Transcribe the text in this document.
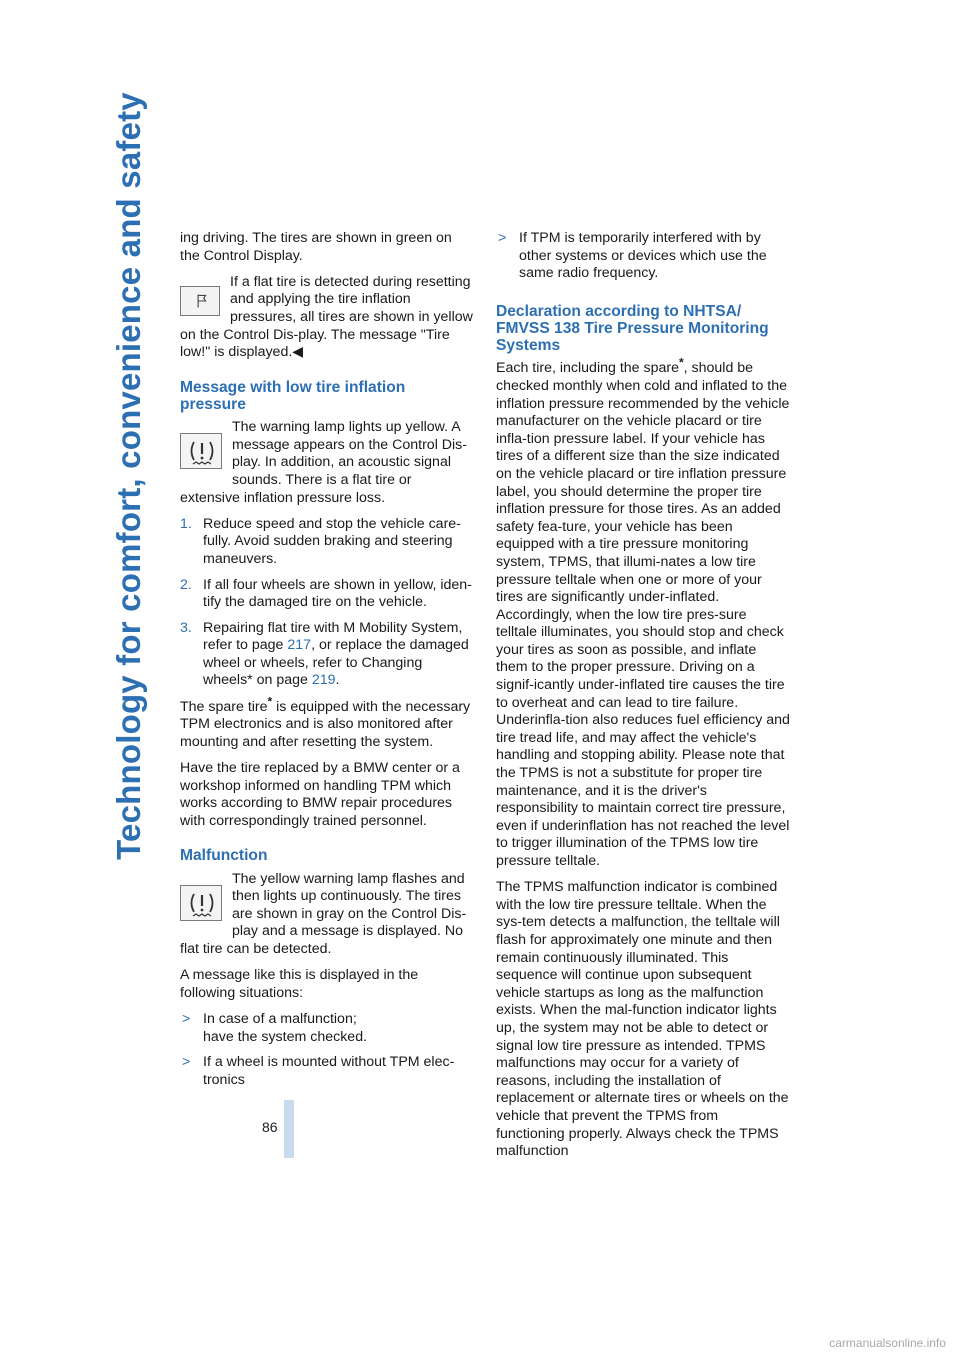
Technology for comfort, convenience and safety ing driving. The tires are shown in green on the Control Display.
If a flat tire is detected during resetting and applying the tire inflation pressures, all tires are shown in yellow on the Control Dis-play. The message "Tire low!" is displayed.◀
Message with low tire inflation pressure
The warning lamp lights up yellow. A message appears on the Control Dis-play. In addition, an acoustic signal sounds. There is a flat tire or extensive inflation pressure loss.
1. Reduce speed and stop the vehicle care-fully. Avoid sudden braking and steering maneuvers.
2. If all four wheels are shown in yellow, iden-tify the damaged tire on the vehicle.
3. Repairing flat tire with M Mobility System, refer to page 217, or replace the damaged wheel or wheels, refer to Changing wheels* on page 219.
The spare tire* is equipped with the necessary TPM electronics and is also monitored after mounting and after resetting the system.
Have the tire replaced by a BMW center or a workshop informed on handling TPM which works according to BMW repair procedures with correspondingly trained personnel.
Malfunction
The yellow warning lamp flashes and then lights up continuously. The tires are shown in gray on the Control Dis-play and a message is displayed. No flat tire can be detected.
A message like this is displayed in the following situations:
> In case of a malfunction;
have the system checked.
> If a wheel is mounted without TPM elec-tronics
> If TPM is temporarily interfered with by other systems or devices which use the same radio frequency.
Declaration according to NHTSA/ FMVSS 138 Tire Pressure Monitoring Systems
Each tire, including the spare*, should be checked monthly when cold and inflated to the inflation pressure recommended by the vehicle manufacturer on the vehicle placard or tire infla-tion pressure label. If your vehicle has tires of a different size than the size indicated on the vehicle placard or tire inflation pressure label, you should determine the proper tire inflation pressure for those tires. As an added safety fea-ture, your vehicle has been equipped with a tire pressure monitoring system, TPMS, that illumi-nates a low tire pressure telltale when one or more of your tires are significantly under-inflated. Accordingly, when the low tire pres-sure telltale illuminates, you should stop and check your tires as soon as possible, and inflate them to the proper pressure. Driving on a signif-icantly under-inflated tire causes the tire to overheat and can lead to tire failure. Underinfla-tion also reduces fuel efficiency and tire tread life, and may affect the vehicle's handling and stopping ability. Please note that the TPMS is not a substitute for proper tire maintenance, and it is the driver's responsibility to maintain correct tire pressure, even if underinflation has not reached the level to trigger illumination of the TPMS low tire pressure telltale.
The TPMS malfunction indicator is combined with the low tire pressure telltale. When the sys-tem detects a malfunction, the telltale will flash for approximately one minute and then remain continuously illuminated. This sequence will continue upon subsequent vehicle startups as long as the malfunction exists. When the mal-function indicator lights up, the system may not be able to detect or signal low tire pressure as intended. TPMS malfunctions may occur for a variety of reasons, including the installation of replacement or alternate tires or wheels on the vehicle that prevent the TPMS from functioning properly. Always check the TPMS malfunction
86
carmanualsonline.info
